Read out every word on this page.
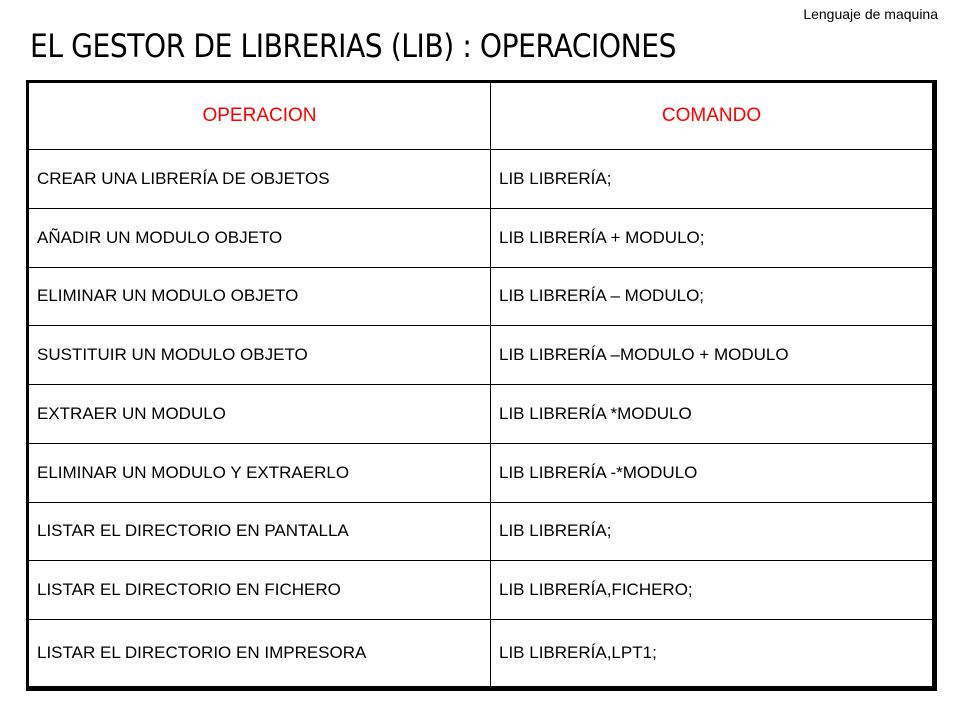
Lenguaje de maquina
EL GESTOR DE LIBRERIAS (LIB) : OPERACIONES
OPERACION	COMANDO
CREAR UNA LIBRERÍA DE OBJETOS	LIB LIBRERÍA;
AÑADIR UN MODULO OBJETO	LIB LIBRERÍA + MODULO;
ELIMINAR UN MODULO OBJETO	LIB LIBRERÍA – MODULO;
SUSTITUIR UN MODULO OBJETO	LIB LIBRERÍA –MODULO + MODULO
EXTRAER UN MODULO	LIB LIBRERÍA *MODULO
ELIMINAR UN MODULO Y EXTRAERLO	LIB LIBRERÍA -*MODULO
LISTAR EL DIRECTORIO EN PANTALLA	LIB LIBRERÍA;
LISTAR EL DIRECTORIO EN FICHERO	LIB LIBRERÍA,FICHERO;
LISTAR EL DIRECTORIO EN IMPRESORA	LIB LIBRERÍA,LPT1;
